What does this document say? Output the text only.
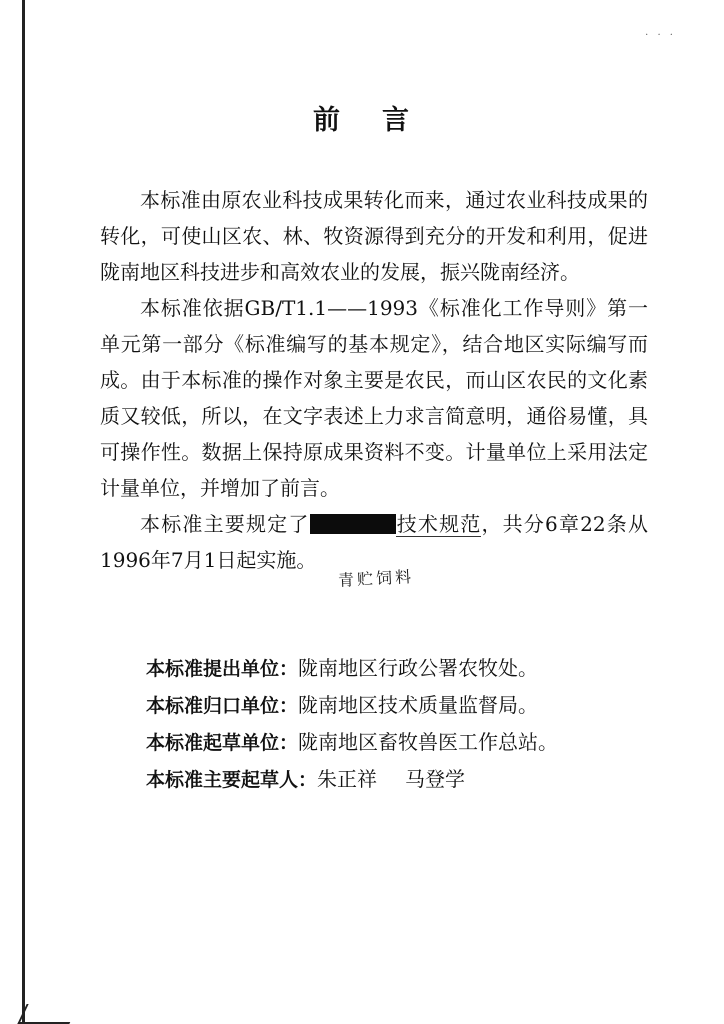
· · ·
前 言

本标准由原农业科技成果转化而来，通过农业科技成果的转化，可使山区农、林、牧资源得到充分的开发和利用，促进陇南地区科技进步和高效农业的发展，振兴陇南经济。

本标准依据GB/T1.1——1993《标准化工作导则》第一单元第一部分《标准编写的基本规定》，结合地区实际编写而成。由于本标准的操作对象主要是农民，而山区农民的文化素质又较低，所以，在文字表述上力求言简意明，通俗易懂，具可操作性。数据上保持原成果资料不变。计量单位上采用法定计量单位，并增加了前言。

本标准主要规定了	技术规范，共分6章22条从1996年7月1日起实施。

青贮饲料
本标准提出单位：陇南地区行政公署农牧处。
本标准归口单位：陇南地区技术质量监督局。
本标准起草单位：陇南地区畜牧兽医工作总站。
本标准主要起草人：朱正祥 马登学
